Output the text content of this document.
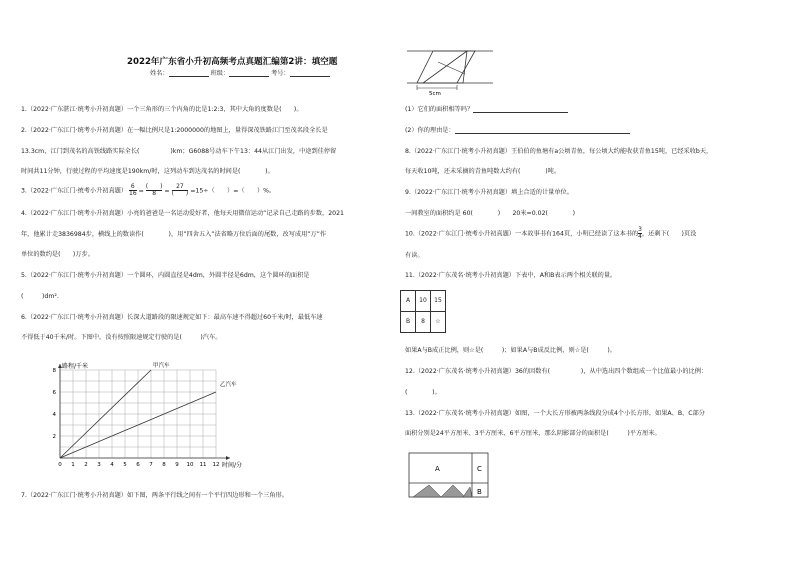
2022年广东省小升初高频考点真题汇编第2讲：填空题
姓名：	班级：	考号：
1.（2022·广东湛江·统考小升初真题）一个三角形的三个内角的比是1:2:3，其中大角的度数是(　　)。
2.（2022·广东江门·统考小升初真题）在一幅比例尺是1:2000000的地图上，量得深茂铁路江门至茂名段全长是
13.3cm，江门到茂名的高铁线路实际全长(　　　　　)km；G6088号动车下午13：44从江门出发，中途到佳停留
时间共11分钟，行驶过程的平均速度是190km/时，这列动车到达茂名的时间是(　　　　)。
3.（2022·广东江门·统考小升初真题） $\frac{6}{16} = \frac{( )}{8} = \frac{27}{( )} =15\div$（　　）=（　　）%。
4.（2022·广东江门·统考小升初真题）小亮的爸爸是一名运动爱好者，他每天用微信运动”记录自己走路的步数，2021
年，他累计走3836984步，横线上的数读作(　　　　)，用”四舍五入”法省略万位后面的尾数，改写成用”万”作
单位的数约是(　　)万步。
5.（2022·广东江门·统考小升初真题）一个圆环，内圆直径是4dm，外圆半径是6dm，这个圆环的面积是
(　　　)dm².
6.（2022·广东江门·统考小升初真题）长深大道路段的限速规定如下：最高车速不得超过60千米/时，最低车速
不得低于40千米/时。下图中，没有按照限速规定行驶的是(　　　)汽车。
0 1 2 3 4 5 6 7 8 9 10 11 12
2
4
6
8
甲汽车
乙汽车
路程/千米
时间/分
7.（2022·广东江门·统考小升初真题）如下图，两条平行线之间有一个平行四边形和一个三角形。
5cm
(1）它们的面积相等吗？
(2）你的理由是：
8.（2022·广东江门·统考小升初真题）王伯伯的鱼塘有a公顷青鱼，每公顷大约能收获青鱼15吨，已经采收b天，
每天收10吨，还未采摘的青鱼吨数大约有(　　　　)吨。
9.（2022·广东江门·统考小升初真题）填上合适的计量单位。
一间教室的面积约是 60(　　　　)　　20米=0.02(　　　　)
10.（2022·广东江门·统考小升初真题）一本故事书有164页，小明已经读了这本书的 $\frac{3}{4}$ ，还剩下(　　)页没
有读。
11.（2022·广东茂名·统考小升初真题）下表中，A和B表示两个相关联的量。
A	10	15
B	8	☆
如果A与B成正比例，则☆是(　　　)；如果A与B成反比例，则☆是(　　　)。
12.（2022·广东茂名·统考小升初真题）36的因数有(　　　　　)，从中选出四个数组成一个比值最小的比例：
(　　　　)。
13.（2022·广东茂名·统考小升初真题）如图，一个大长方形被两条线段分成4个小长方形，如果A、B、C部分
面积分别是24平方厘米、3平方厘米、6平方厘米，那么阴影部分的面积是(　　　)平方厘米。
A	C
B
